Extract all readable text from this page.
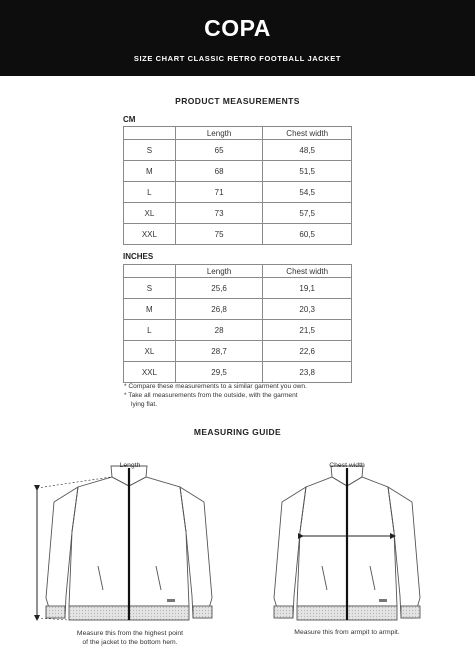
COPA
SIZE CHART CLASSIC RETRO FOOTBALL JACKET
PRODUCT MEASUREMENTS
CM
	Length	Chest width
S	65	48,5
M	68	51,5
L	71	54,5
XL	73	57,5
XXL	75	60,5
INCHES
	Length	Chest width
S	25,6	19,1
M	26,8	20,3
L	28	21,5
XL	28,7	22,6
XXL	29,5	23,8
* Compare these measurements to a similar garment you own.
* Take all measurements from the outside, with the garment
lying flat.
MEASURING GUIDE
Length	Chest width
Measure this from the highest point
of the jacket to the bottom hem.
Measure this from armpit to armpit.
